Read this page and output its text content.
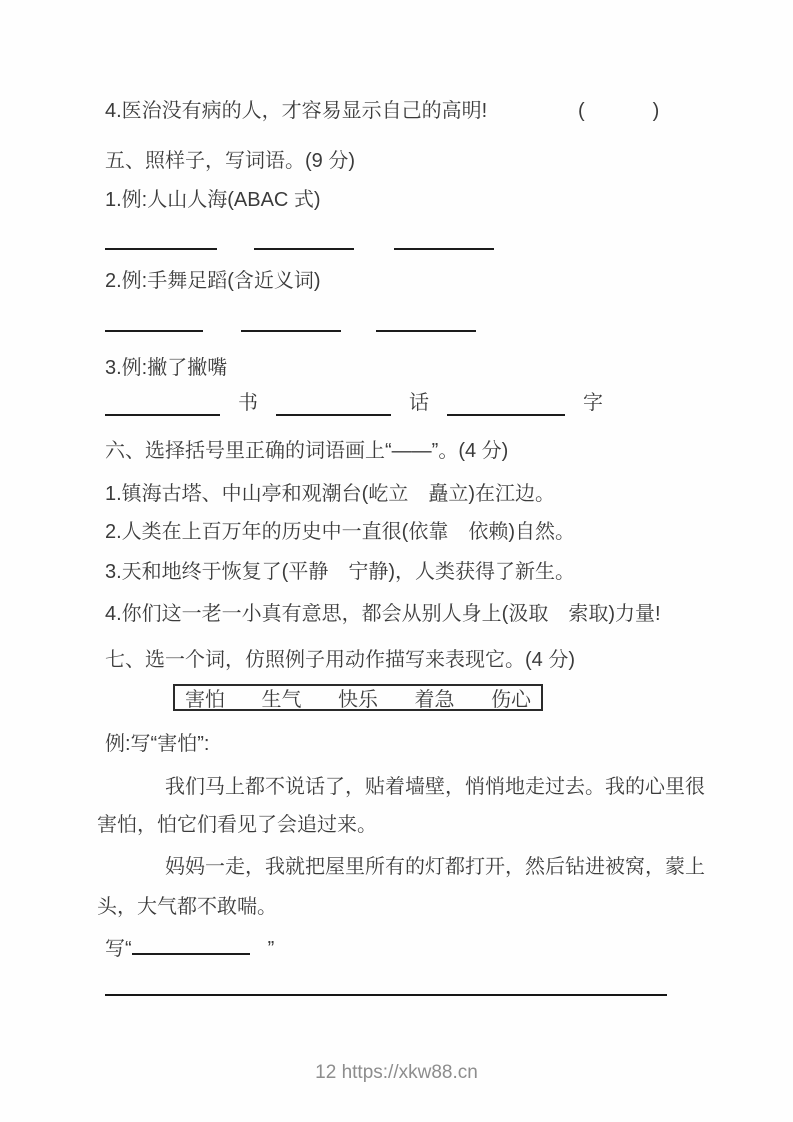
4.医治没有病的人，才容易显示自己的高明!	(　　　)
五、照样子，写词语。(9 分)
1.例:人山人海(ABAC 式)
2.例:手舞足蹈(含近义词)
3.例:撇了撇嘴
书	话	字
六、选择括号里正确的词语画上“——”。(4 分)
1.镇海古塔、中山亭和观潮台(屹立　矗立)在江边。
2.人类在上百万年的历史中一直很(依靠　依赖)自然。
3.天和地终于恢复了(平静　宁静)，人类获得了新生。
4.你们这一老一小真有意思，都会从别人身上(汲取　索取)力量!
七、选一个词，仿照例子用动作描写来表现它。(4 分)
害怕 生气 快乐 着急 伤心
例:写“害怕”:
我们马上都不说话了，贴着墙壁，悄悄地走过去。我的心里很
害怕，怕它们看见了会追过来。
妈妈一走，我就把屋里所有的灯都打开，然后钻进被窝，蒙上
头，大气都不敢喘。
写“	”
12 https://xkw88.cn
